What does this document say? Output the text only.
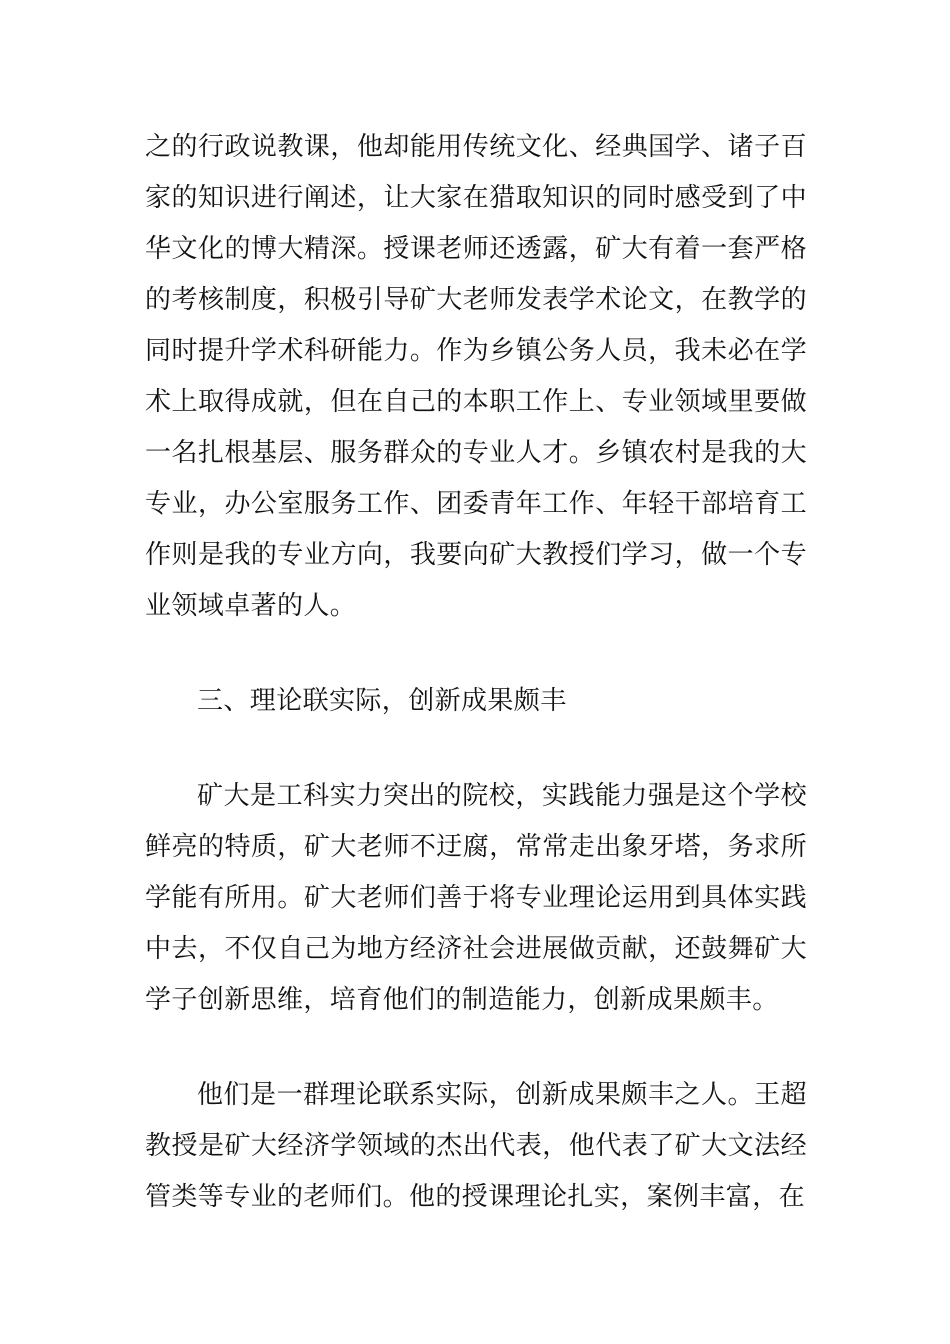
之的行政说教课，他却能用传统文化、经典国学、诸子百家的知识进行阐述，让大家在猎取知识的同时感受到了中华文化的博大精深。授课老师还透露，矿大有着一套严格的考核制度，积极引导矿大老师发表学术论文，在教学的同时提升学术科研能力。作为乡镇公务人员，我未必在学术上取得成就，但在自己的本职工作上、专业领域里要做一名扎根基层、服务群众的专业人才。乡镇农村是我的大专业，办公室服务工作、团委青年工作、年轻干部培育工作则是我的专业方向，我要向矿大教授们学习，做一个专业领域卓著的人。

三、理论联实际，创新成果颇丰

矿大是工科实力突出的院校，实践能力强是这个学校鲜亮的特质，矿大老师不迂腐，常常走出象牙塔，务求所学能有所用。矿大老师们善于将专业理论运用到具体实践中去，不仅自己为地方经济社会进展做贡献，还鼓舞矿大学子创新思维，培育他们的制造能力，创新成果颇丰。

他们是一群理论联系实际，创新成果颇丰之人。王超教授是矿大经济学领域的杰出代表，他代表了矿大文法经管类等专业的老师们。他的授课理论扎实，案例丰富，在
